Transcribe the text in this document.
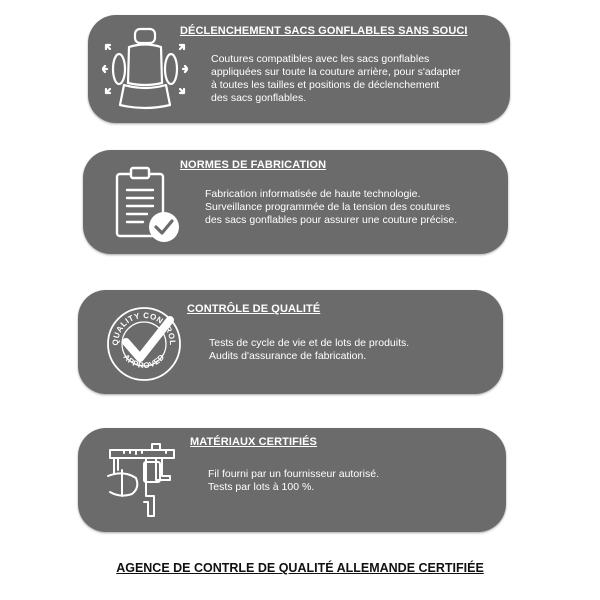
DÉCLENCHEMENT SACS GONFLABLES SANS SOUCI

Coutures compatibles avec les sacs gonflables
appliquées sur toute la couture arrière, pour s'adapter
à toutes les tailles et positions de déclenchement
des sacs gonflables.

NORMES DE FABRICATION

Fabrication informatisée de haute technologie.
Surveillance programmée de la tension des coutures
des sacs gonflables pour assurer une couture précise.

QUALITY CONTROL
APPROVED
CONTRÔLE DE QUALITÉ

Tests de cycle de vie et de lots de produits.
Audits d'assurance de fabrication.

MATÉRIAUX CERTIFIÉS

Fil fourni par un fournisseur autorisé.
Tests par lots à 100 %.

AGENCE DE CONTRLE DE QUALITÉ ALLEMANDE CERTIFIÉE
